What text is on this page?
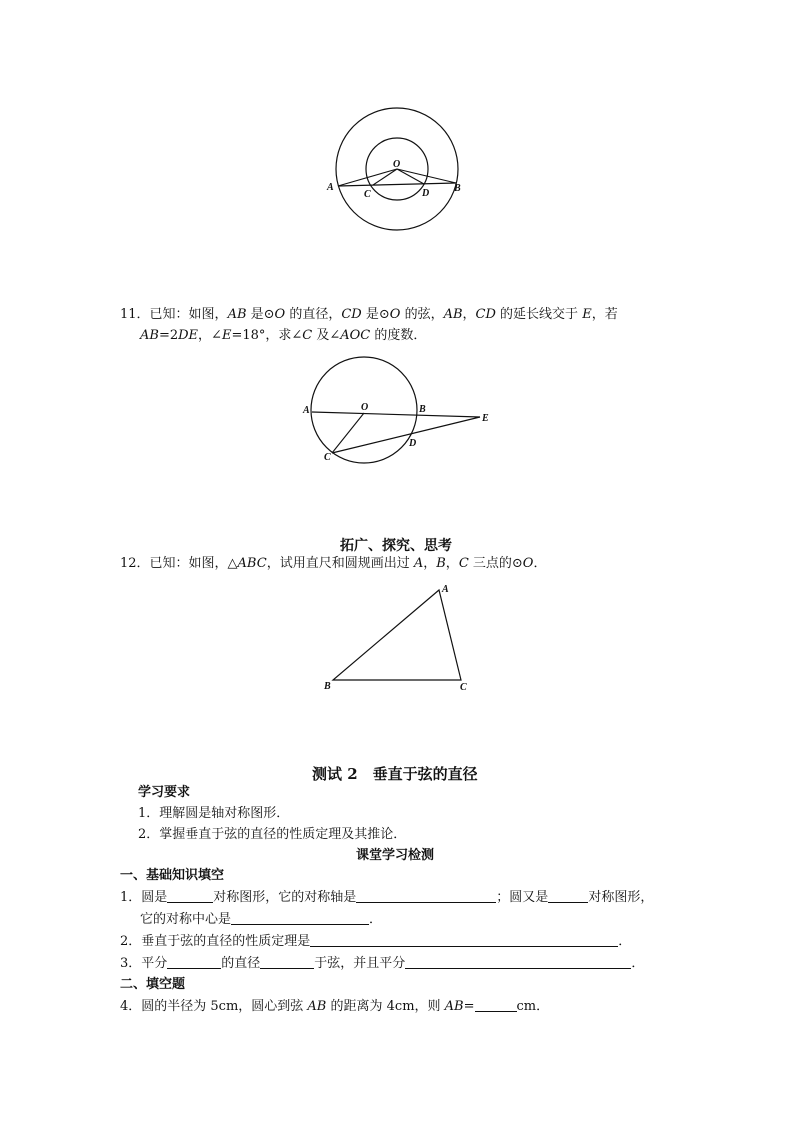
O
A	B
C	D
11．已知：如图，AB 是⊙O 的直径，CD 是⊙O 的弦，AB，CD 的延长线交于 E，若
AB=2DE，∠E=18°，求∠C 及∠AOC 的度数．
A	O	B
E
C
D
拓广、探究、思考
12．已知：如图，△ABC，试用直尺和圆规画出过 A，B，C 三点的⊙O．
A
B	C
测试 2　垂直于弦的直径
学习要求
1．理解圆是轴对称图形．
2．掌握垂直于弦的直径的性质定理及其推论．
课堂学习检测
一、基础知识填空
1．圆是	对称图形，它的对称轴是	；圆又是	对称图形，
它的对称中心是	．
2．垂直于弦的直径的性质定理是	．
3．平分	的直径	于弦，并且平分	．
二、填空题
4．圆的半径为 5cm，圆心到弦 AB 的距离为 4cm，则 AB=	cm．
